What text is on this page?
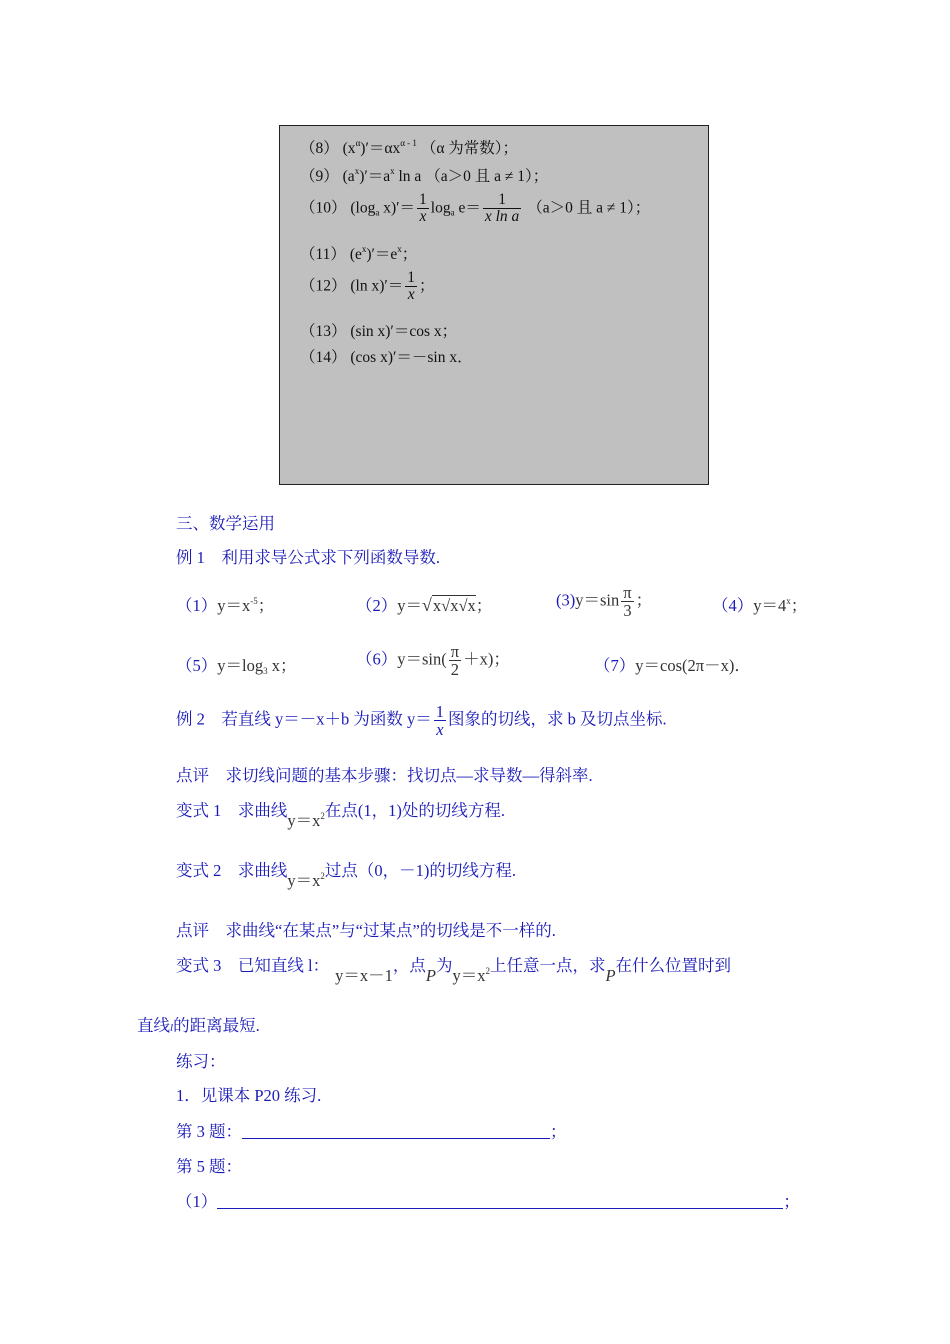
（8） $(x^\alpha)'=\alpha x^{\alpha - 1}$ （α 为常数）；
（9） $(a^x)'=a^x$ ln a （a＞0 且 a ≠ 1）；
（10） ($\log_a$ $x)'= \frac{1}{x} \log_a e= \frac{1}{\text{x ln a}} (a>0$ 且 a ≠ 1）；
（11） $(e^x)'=e^x$；
（12） (ln $x)'= \frac{1}{x}$ ；
（13） (sin x)′＝cos x；
（14） (cos x)′＝－sin x．
三、数学运用
例 1　利用求导公式求下列函数导数.
$(1)y=x^{-5}$；	（2）y＝√x√x√x；	$(3)y=\sin \frac{\pi}{3}$ ；	$(4)y=4^x$；
$(5)y=\log_3$ x；	$(6)y=\sin( \frac{\pi}{2} +x)$；	（7）y＝cos(2π－x)．
例 2　若直线 y＝－x＋b 为函数 $y= \frac{1}{x}$ 图象的切线，求 b 及切点坐标.
点评　求切线问题的基本步骤：找切点—求导数—得斜率.
变式 1　求曲线$y=x^2$在点(1，1)处的切线方程.
变式 2　求曲线$y=x^2$过点（0，－1)的切线方程.
点评　求曲线“在某点”与“过某点”的切线是不一样的.
变式 3　已知直线 l：y＝x－1，点P为$y=x^2$上任意一点，求P在什么位置时到
直线l的距离最短.
练习：
1．见课本 P20 练习.
第 3 题：	；
第 5 题：
（1）	；
